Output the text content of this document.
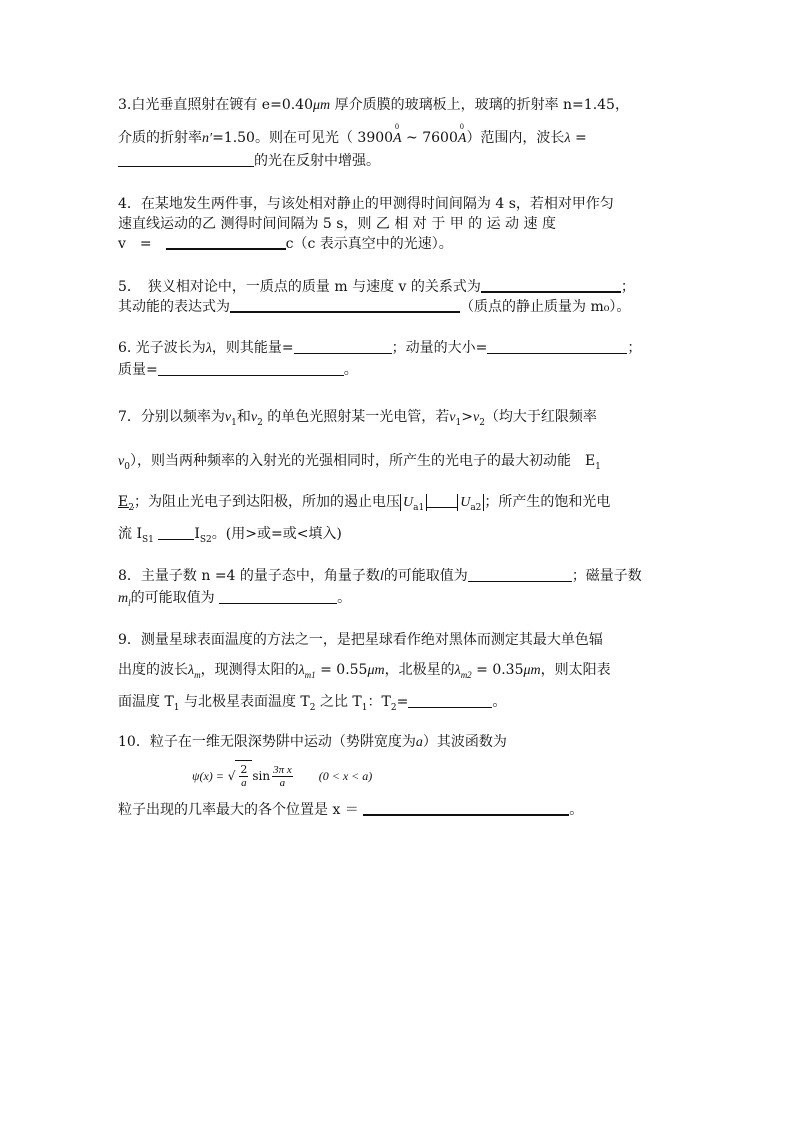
3.白光垂直照射在镀有 e=0.40μm 厚介质膜的玻璃板上，玻璃的折射率 n=1.45，
介质的折射率n′=1.50。则在可见光（ 39000 A ~ 76000 A）范围内，波长λ =
的光在反射中增强。
4．在某地发生两件事，与该处相对静止的甲测得时间间隔为 4 s，若相对甲作匀
速直线运动的乙 测得时间间隔为 5 s，则 乙 相 对 于 甲 的 运 动 速 度
v　=　	c（c 表示真空中的光速）。
5．　狭义相对论中，一质点的质量 m 与速度 v 的关系式为	；
其动能的表达式为	（质点的静止质量为 m₀）。
6. 光子波长为λ，则其能量=	；动量的大小=	；
质量=	。
7．分别以频率为$\nu_1$和$\nu_2$ 的单色光照射某一光电管，若$\nu_1>\nu_2$（均大于红限频率
$\nu_0$），则当两种频率的入射光的光强相同时，所产生的光电子的最大初动能　$E_1$
$E_2$；为阻止光电子到达阳极，所加的遏止电压 $U_{a1}$	$U_{a2}$ ；所产生的饱和光电
流 $I_{S1}$	$I_{S2}$。(用>或=或<填入)
8．主量子数 n =4 的量子态中，角量子数l的可能取值为	；磁量子数
$m_l$的可能取值为	。
9．测量星球表面温度的方法之一，是把星球看作绝对黑体而测定其最大单色辐
出度的波长$\lambda_m$，现测得太阳的$\lambda_{m1} = 0.55\mu m$，北极星的$\lambda_{m2} = 0.35\mu m$，则太阳表
面温度 $T_1$ 与北极星表面温度 $T_2$ 之比 $T_1$：$T_2=$	。
10．粒子在一维无限深势阱中运动（势阱宽度为a）其波函数为
ψ(x) = √ $\frac{2}{a}$ $\sin \frac{\text{3π x}}{a}$
　　 (0 < x < a)
粒子出现的几率最大的各个位置是 x ＝	。
